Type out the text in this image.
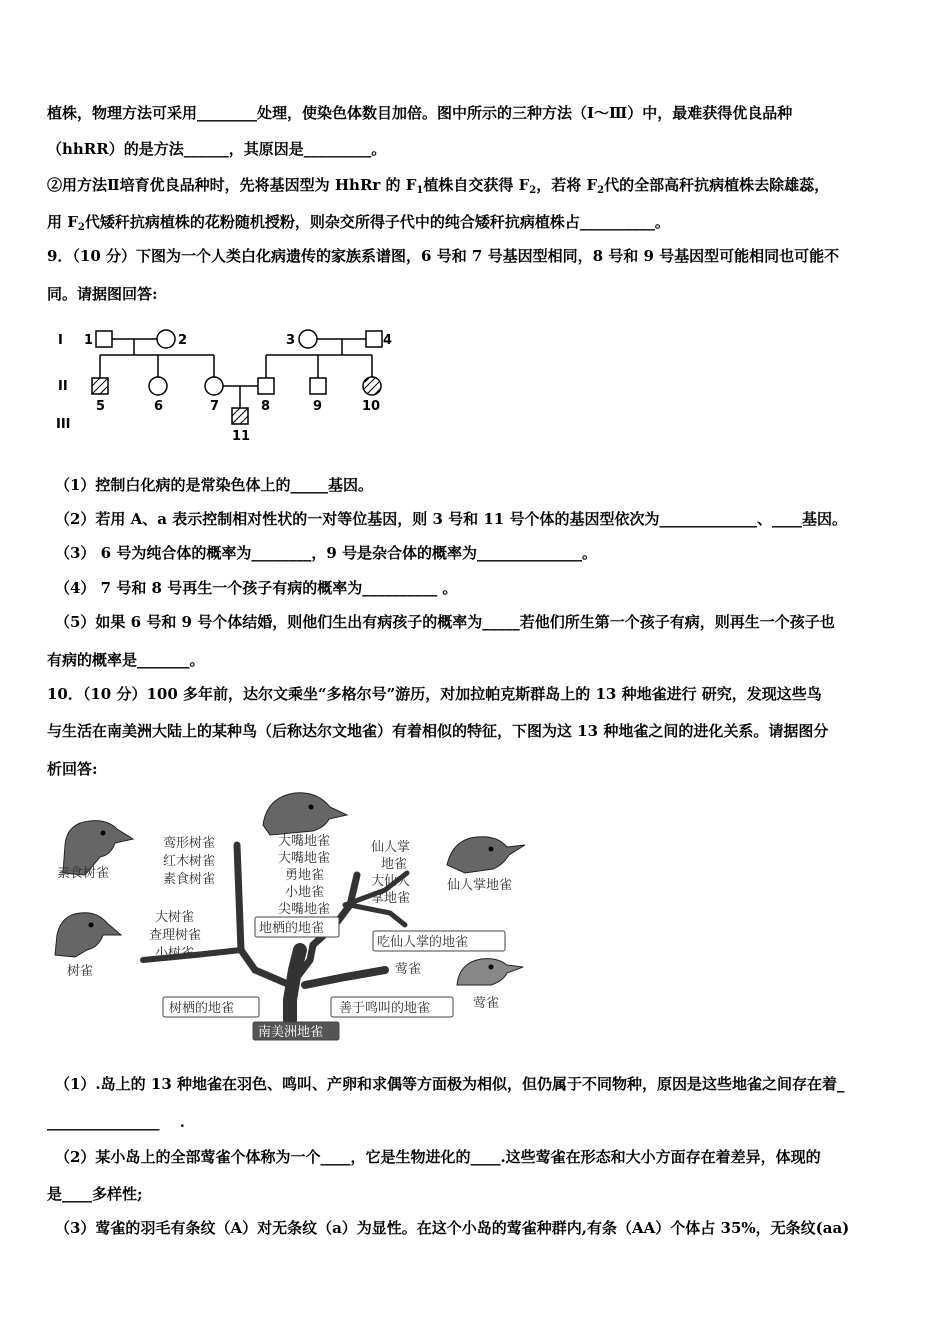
植株，物理方法可采用________处理，使染色体数目加倍。图中所示的三种方法（Ⅰ～Ⅲ）中，最难获得优良品种
（hhRR）的是方法______，其原因是_________。
②用方法Ⅱ培育优良品种时，先将基因型为 HhRr 的 $F_1$植株自交获得 $F_2$，若将 $F_2$代的全部高秆抗病植株去除雄蕊，
用 $F_2$代矮秆抗病植株的花粉随机授粉，则杂交所得子代中的纯合矮秆抗病植株占__________。
9．（10 分）下图为一个人类白化病遗传的家族系谱图，6 号和 7 号基因型相同，8 号和 9 号基因型可能相同也可能不
同。请据图回答:
I
II
III
1	2	3	4
5	6	7	8	9	10
11
（1）控制白化病的是常染色体上的_____基因。
（2）若用 A、a 表示控制相对性状的一对等位基因，则 3 号和 11 号个体的基因型依次为_____________、____基因。
（3） 6 号为纯合体的概率为________，9 号是杂合体的概率为______________。
（4） 7 号和 8 号再生一个孩子有病的概率为__________ 。
（5）如果 6 号和 9 号个体结婚，则他们生出有病孩子的概率为_____若他们所生第一个孩子有病，则再生一个孩子也
有病的概率是_______。
10．（10 分）100 多年前，达尔文乘坐“多格尔号”游历，对加拉帕克斯群岛上的 13 种地雀进行 研究，发现这些鸟
与生活在南美洲大陆上的某种鸟（后称达尔文地雀）有着相似的特征，下图为这 13 种地雀之间的进化关系。请据图分
析回答:
鸾形树雀
红木树雀
素食树雀
大嘴地雀
大嘴地雀
勇地雀
小地雀
尖嘴地雀
仙人掌
地雀
大仙人
掌地雀
大树雀
查理树雀
小树雀
莺雀
素食树雀
树雀
仙人掌地雀
莺雀
地栖的地雀
吃仙人掌的地雀
树栖的地雀	善于鸣叫的地雀
南美洲地雀
（1）.岛上的 13 种地雀在羽色、鸣叫、产卵和求偶等方面极为相似，但仍属于不同物种，原因是这些地雀之间存在着_
_______________ 　.
（2）某小岛上的全部莺雀个体称为一个____，它是生物进化的____.这些莺雀在形态和大小方面存在着差异，体现的
是____多样性;
（3）莺雀的羽毛有条纹（A）对无条纹（a）为显性。在这个小岛的莺雀种群内,有条（AA）个体占 35%，无条纹(aa)
